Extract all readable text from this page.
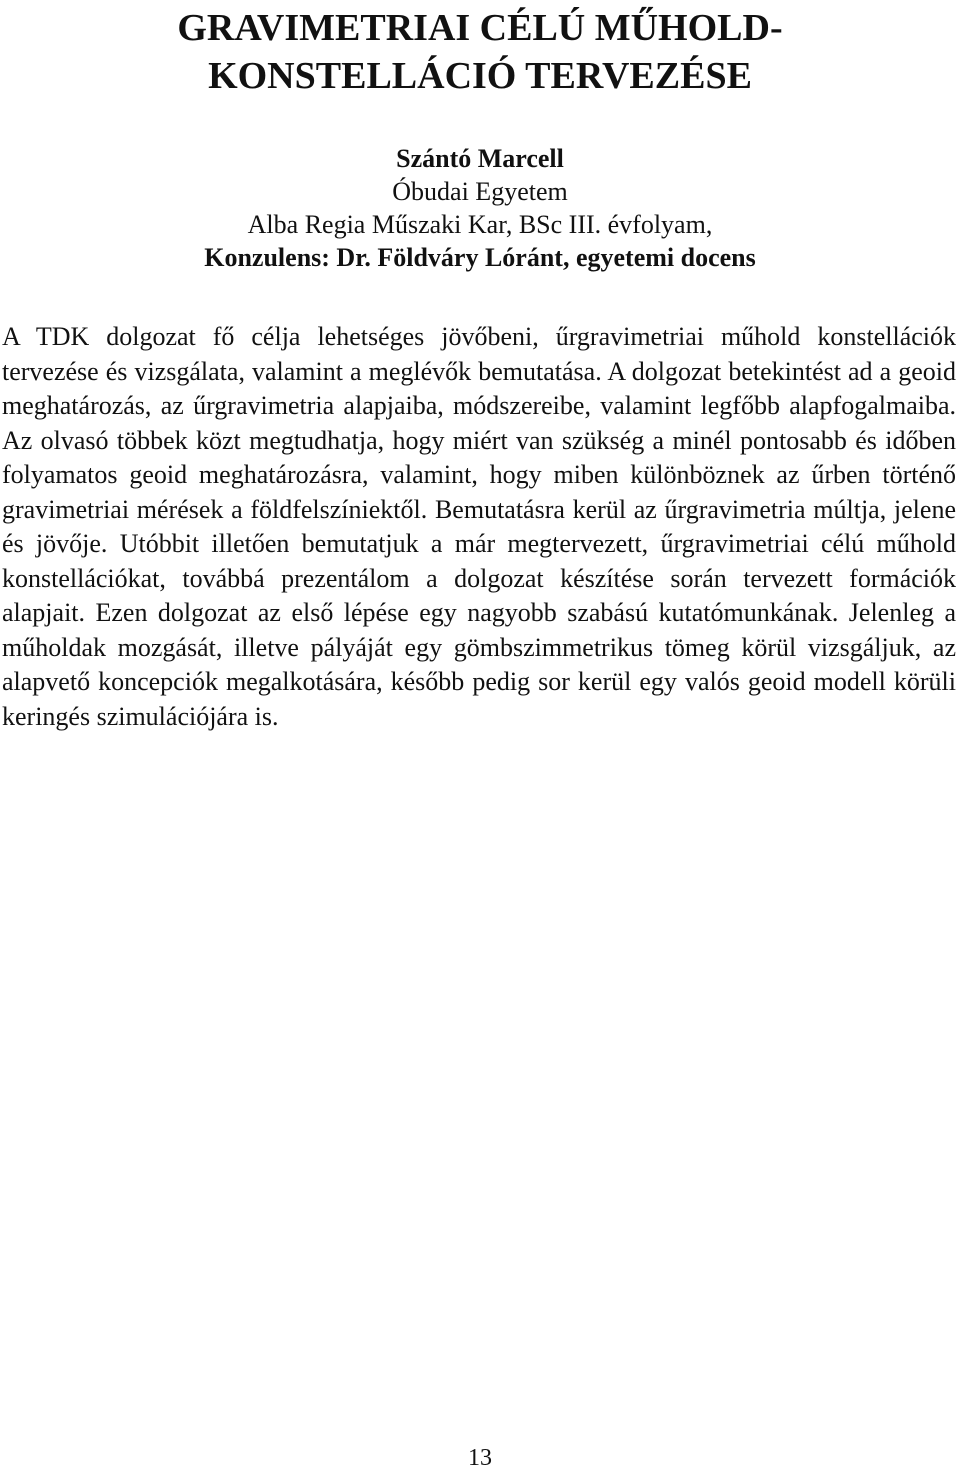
GRAVIMETRIAI CÉLÚ MŰHOLD-
KONSTELLÁCIÓ TERVEZÉSE
Szántó Marcell
Óbudai Egyetem
Alba Regia Műszaki Kar, BSc III. évfolyam,
Konzulens: Dr. Földváry Lóránt, egyetemi docens

A TDK dolgozat fő célja lehetséges jövőbeni, űrgravimetriai műhold konstellációk tervezése és vizsgálata, valamint a meglévők bemutatása. A dolgozat betekintést ad a geoid meghatározás, az űrgravimetria alapjaiba, módszereibe, valamint legfőbb alapfogalmaiba. Az olvasó többek közt megtudhatja, hogy miért van szükség a minél pontosabb és időben folyamatos geoid meghatározásra, valamint, hogy miben különböznek az űrben történő gravimetriai mérések a földfelszíniektől. Bemutatásra kerül az űrgravimetria múltja, jelene és jövője. Utóbbit illetően bemutatjuk a már megtervezett, űrgravimetriai célú műhold konstellációkat, továbbá prezentálom a dolgozat készítése során tervezett formációk alapjait. Ezen dolgozat az első lépése egy nagyobb szabású kutatómunkának. Jelenleg a műholdak mozgását, illetve pályáját egy gömbszimmetrikus tömeg körül vizsgáljuk, az alapvető koncepciók megalkotására, később pedig sor kerül egy valós geoid modell körüli keringés szimulációjára is.

13
